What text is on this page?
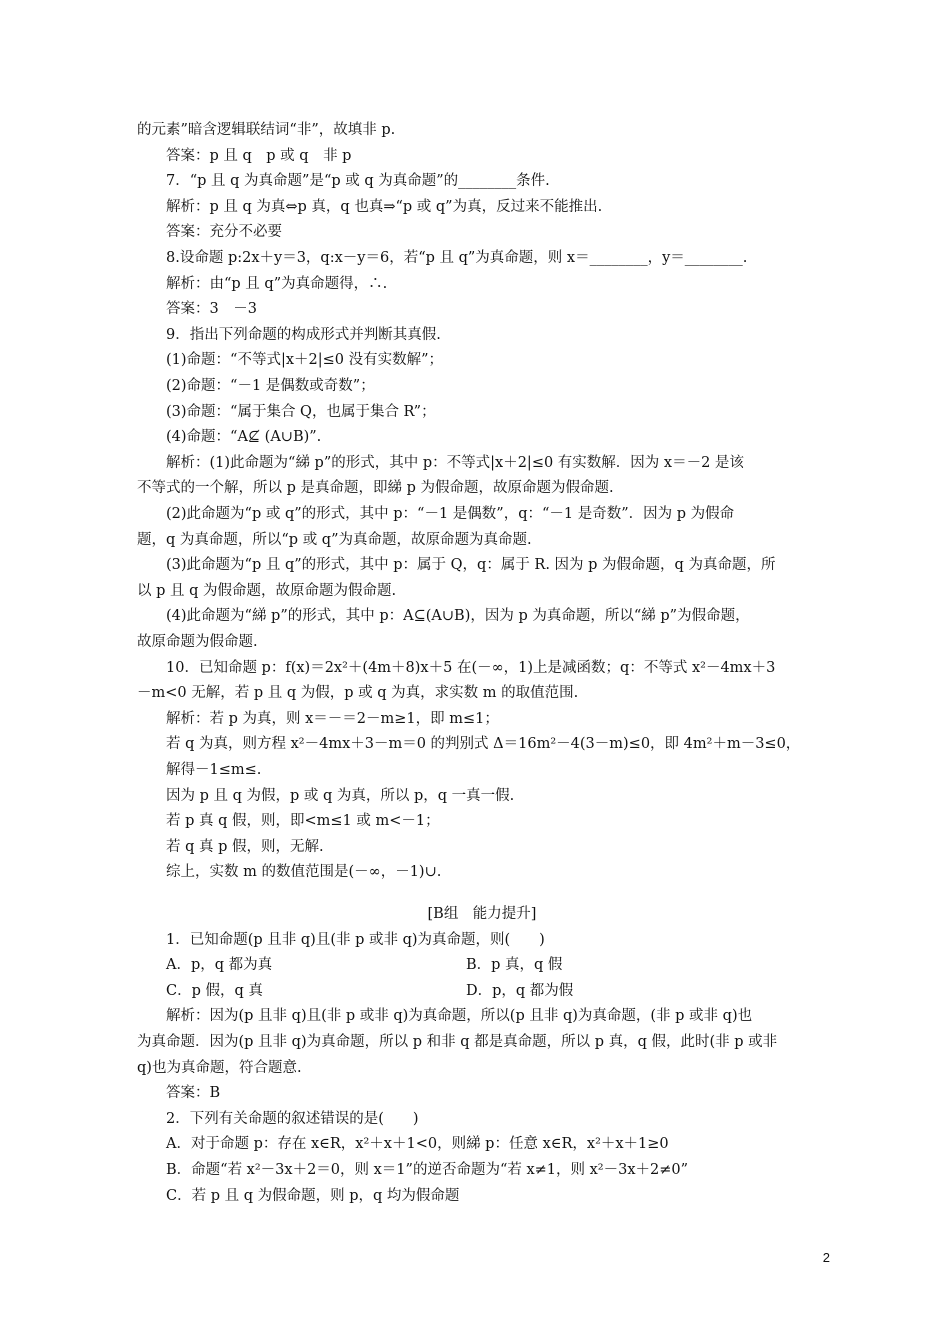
的元素”暗含逻辑联结词“非”，故填非 p.
答案：p 且 q　p 或 q　非 p
7．“p 且 q 为真命题”是“p 或 q 为真命题”的________条件.
解析：p 且 q 为真⇔p 真，q 也真⇒“p 或 q”为真，反过来不能推出.
答案：充分不必要
8.设命题 p:2x＋y＝3，q:x－y＝6，若“p 且 q”为真命题，则 x＝________，y＝________.
解析：由“p 且 q”为真命题得，∴.
答案：3　－3
9．指出下列命题的构成形式并判断其真假.
(1)命题：“不等式|x＋2|≤0 没有实数解”；
(2)命题：“－1 是偶数或奇数”；
(3)命题：“属于集合 Q，也属于集合 R”；
(4)命题：“A⊈ (A∪B)”.
解析：(1)此命题为“綈 p”的形式，其中 p：不等式|x＋2|≤0 有实数解．因为 x＝－2 是该
不等式的一个解，所以 p 是真命题，即綈 p 为假命题，故原命题为假命题.
(2)此命题为“p 或 q”的形式，其中 p：“－1 是偶数”，q：“－1 是奇数”．因为 p 为假命
题，q 为真命题，所以“p 或 q”为真命题，故原命题为真命题.
(3)此命题为“p 且 q”的形式，其中 p：属于 Q，q：属于 R. 因为 p 为假命题，q 为真命题，所
以 p 且 q 为假命题，故原命题为假命题.
(4)此命题为“綈 p”的形式，其中 p：A⊆(A∪B)，因为 p 为真命题，所以“綈 p”为假命题，
故原命题为假命题.
10．已知命题 p：f(x)＝2x²＋(4m＋8)x＋5 在(－∞，1)上是减函数；q：不等式 x²－4mx＋3
－m<0 无解，若 p 且 q 为假，p 或 q 为真，求实数 m 的取值范围.
解析：若 p 为真，则 x＝－＝2－m≥1，即 m≤1；
若 q 为真，则方程 x²－4mx＋3－m＝0 的判别式 Δ＝16m²－4(3－m)≤0，即 4m²＋m－3≤0，
解得－1≤m≤.
因为 p 且 q 为假，p 或 q 为真，所以 p，q 一真一假.
若 p 真 q 假，则，即<m≤1 或 m<－1；
若 q 真 p 假，则，无解.
综上，实数 m 的数值范围是(－∞，－1)∪.
[B组　能力提升]
1．已知命题(p 且非 q)且(非 p 或非 q)为真命题，则(　　)
A．p，q 都为真	B．p 真，q 假
C．p 假，q 真	D．p，q 都为假
解析：因为(p 且非 q)且(非 p 或非 q)为真命题，所以(p 且非 q)为真命题，(非 p 或非 q)也
为真命题．因为(p 且非 q)为真命题，所以 p 和非 q 都是真命题，所以 p 真，q 假，此时(非 p 或非
q)也为真命题，符合题意.
答案：B
2．下列有关命题的叙述错误的是(　　)
A．对于命题 p：存在 x∈R，x²＋x＋1<0，则綈 p：任意 x∈R，x²＋x＋1≥0
B．命题“若 x²－3x＋2＝0，则 x＝1”的逆否命题为“若 x≠1，则 x²－3x＋2≠0”
C．若 p 且 q 为假命题，则 p，q 均为假命题
2
